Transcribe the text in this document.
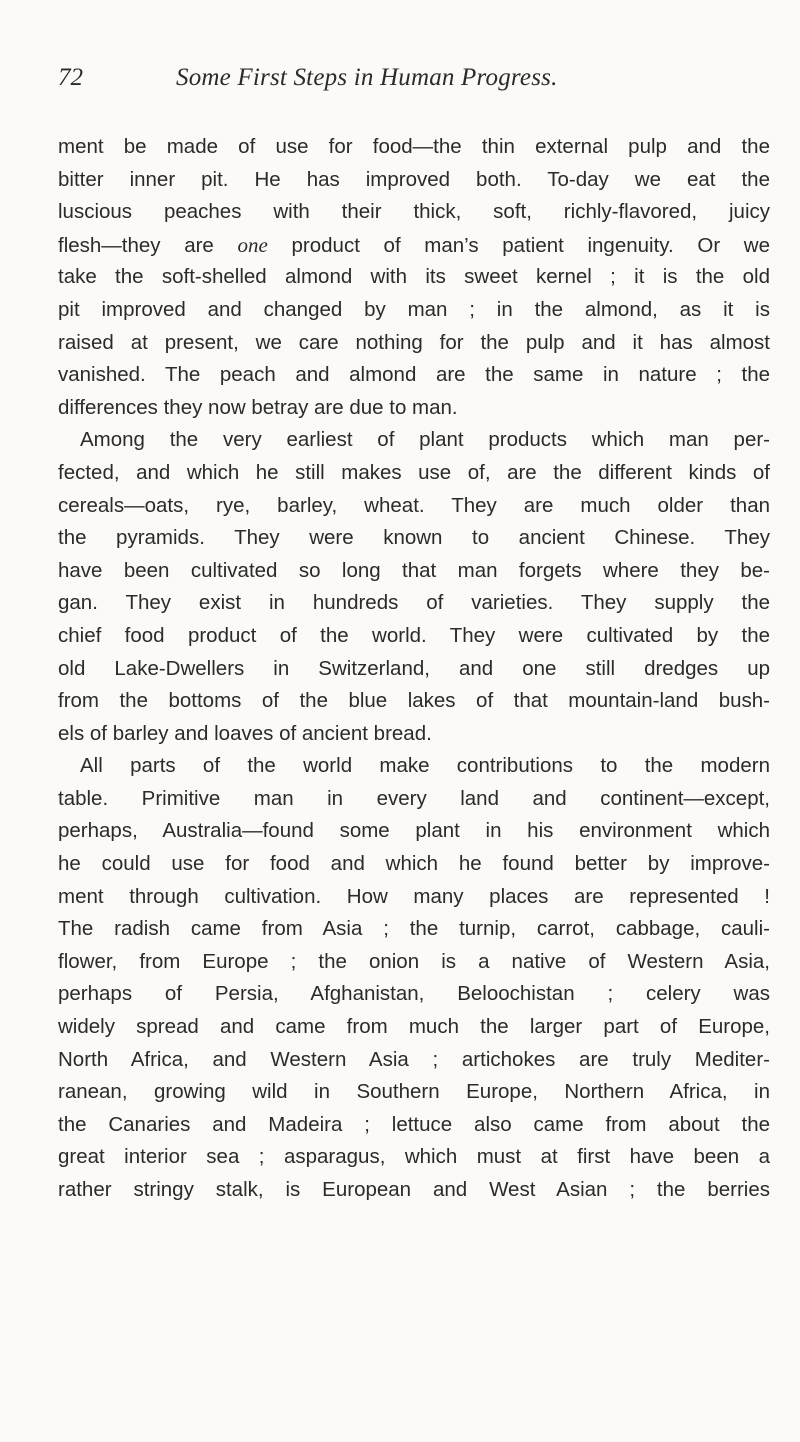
72	Some First Steps in Human Progress.
ment be made of use for food—the thin external pulp and the
bitter inner pit. He has improved both. To-day we eat the
luscious peaches with their thick, soft, richly-flavored, juicy
flesh—they are one product of man’s patient ingenuity. Or we
take the soft-shelled almond with its sweet kernel ; it is the old
pit improved and changed by man ; in the almond, as it is
raised at present, we care nothing for the pulp and it has almost
vanished. The peach and almond are the same in nature ; the
differences they now betray are due to man.
Among the very earliest of plant products which man per-
fected, and which he still makes use of, are the different kinds of
cereals—oats, rye, barley, wheat. They are much older than
the pyramids. They were known to ancient Chinese. They
have been cultivated so long that man forgets where they be-
gan. They exist in hundreds of varieties. They supply the
chief food product of the world. They were cultivated by the
old Lake-Dwellers in Switzerland, and one still dredges up
from the bottoms of the blue lakes of that mountain-land bush-
els of barley and loaves of ancient bread.
All parts of the world make contributions to the modern
table. Primitive man in every land and continent—except,
perhaps, Australia—found some plant in his environment which
he could use for food and which he found better by improve-
ment through cultivation. How many places are represented !
The radish came from Asia ; the turnip, carrot, cabbage, cauli-
flower, from Europe ; the onion is a native of Western Asia,
perhaps of Persia, Afghanistan, Beloochistan ; celery was
widely spread and came from much the larger part of Europe,
North Africa, and Western Asia ; artichokes are truly Mediter-
ranean, growing wild in Southern Europe, Northern Africa, in
the Canaries and Madeira ; lettuce also came from about the
great interior sea ; asparagus, which must at first have been a
rather stringy stalk, is European and West Asian ; the berries
